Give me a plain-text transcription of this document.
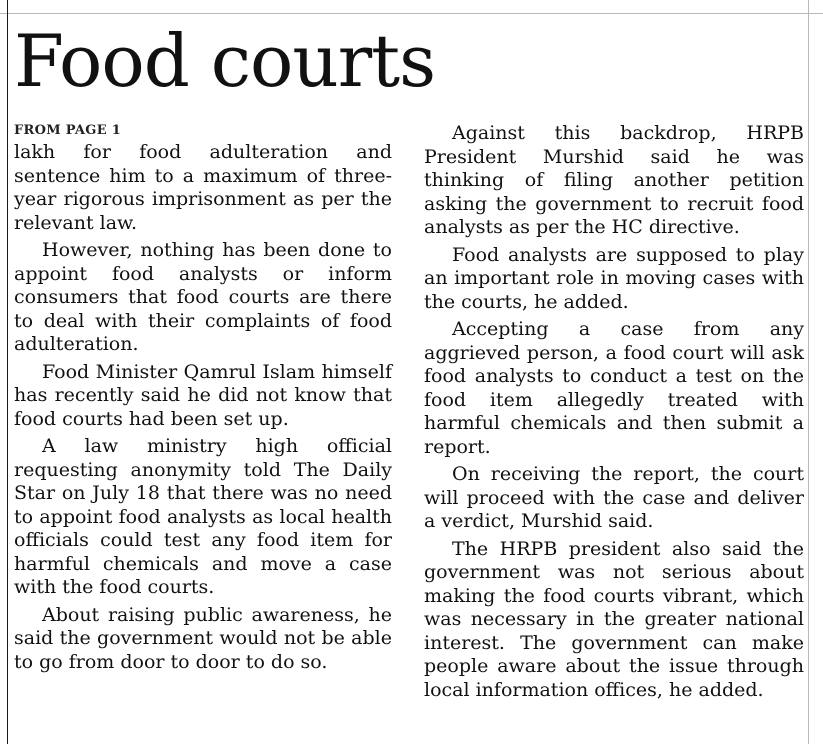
Food courts
FROM PAGE 1

lakh for food adulteration and sentence him to a maximum of three-year rigorous imprisonment as per the relevant law.

However, nothing has been done to appoint food analysts or inform consumers that food courts are there to deal with their complaints of food adulteration.

Food Minister Qamrul Islam himself has recently said he did not know that food courts had been set up.

A law ministry high official requesting anonymity told The Daily Star on July 18 that there was no need to appoint food analysts as local health officials could test any food item for harmful chemicals and move a case with the food courts.

About raising public awareness, he said the government would not be able to go from door to door to do so.

Against this backdrop, HRPB President Murshid said he was thinking of filing another petition asking the government to recruit food analysts as per the HC directive.

Food analysts are supposed to play an important role in moving cases with the courts, he added.

Accepting a case from any aggrieved person, a food court will ask food analysts to conduct a test on the food item allegedly treated with harmful chemicals and then submit a report.

On receiving the report, the court will proceed with the case and deliver a verdict, Murshid said.

The HRPB president also said the government was not serious about making the food courts vibrant, which was necessary in the greater national interest. The government can make people aware about the issue through local information offices, he added.
